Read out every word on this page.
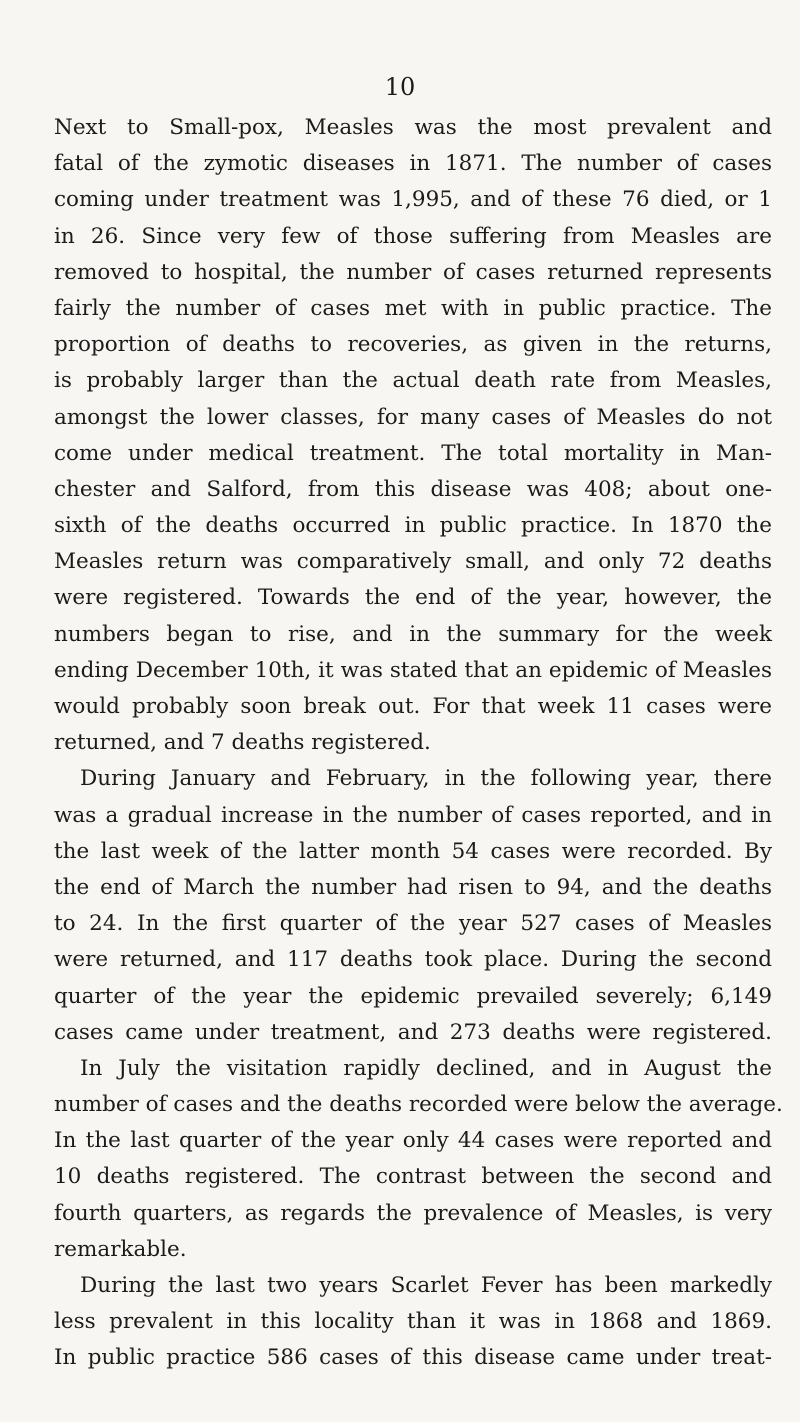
10
Next to Small-pox, Measles was the most prevalent and
fatal of the zymotic diseases in 1871. The number of cases
coming under treatment was 1,995, and of these 76 died, or 1
in 26. Since very few of those suffering from Measles are
removed to hospital, the number of cases returned represents
fairly the number of cases met with in public practice. The
proportion of deaths to recoveries, as given in the returns,
is probably larger than the actual death rate from Measles,
amongst the lower classes, for many cases of Measles do not
come under medical treatment. The total mortality in Man-
chester and Salford, from this disease was 408; about one-
sixth of the deaths occurred in public practice. In 1870 the
Measles return was comparatively small, and only 72 deaths
were registered. Towards the end of the year, however, the
numbers began to rise, and in the summary for the week
ending December 10th, it was stated that an epidemic of Measles
would probably soon break out. For that week 11 cases were
returned, and 7 deaths registered.
During January and February, in the following year, there
was a gradual increase in the number of cases reported, and in
the last week of the latter month 54 cases were recorded. By
the end of March the number had risen to 94, and the deaths
to 24. In the first quarter of the year 527 cases of Measles
were returned, and 117 deaths took place. During the second
quarter of the year the epidemic prevailed severely; 6,149
cases came under treatment, and 273 deaths were registered.
In July the visitation rapidly declined, and in August the
number of cases and the deaths recorded were below the average.
In the last quarter of the year only 44 cases were reported and
10 deaths registered. The contrast between the second and
fourth quarters, as regards the prevalence of Measles, is very
remarkable.
During the last two years Scarlet Fever has been markedly
less prevalent in this locality than it was in 1868 and 1869.
In public practice 586 cases of this disease came under treat-
